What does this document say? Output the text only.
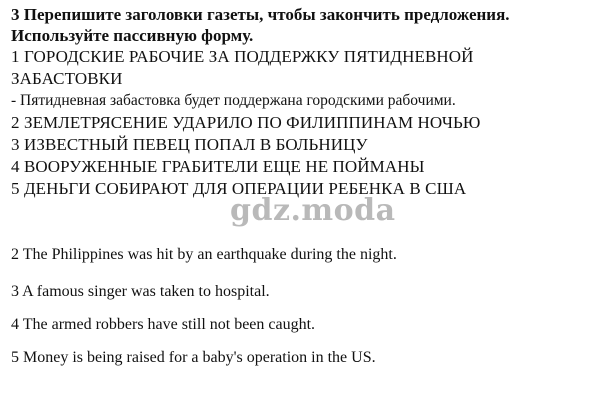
3 Перепишите заголовки газеты, чтобы закончить предложения.
Используйте пассивную форму.
1 ГОРОДСКИЕ РАБОЧИЕ ЗА ПОДДЕРЖКУ ПЯТИДНЕВНОЙ
ЗАБАСТОВКИ
- Пятидневная забастовка будет поддержана городскими рабочими.
2 ЗЕМЛЕТРЯСЕНИЕ УДАРИЛО ПО ФИЛИППИНАМ НОЧЬЮ
3 ИЗВЕСТНЫЙ ПЕВЕЦ ПОПАЛ В БОЛЬНИЦУ
4 ВООРУЖЕННЫЕ ГРАБИТЕЛИ ЕЩЕ НЕ ПОЙМАНЫ
5 ДЕНЬГИ СОБИРАЮТ ДЛЯ ОПЕРАЦИИ РЕБЕНКА В США
gdz.moda
2 The Philippines was hit by an earthquake during the night.
3 A famous singer was taken to hospital.
4 The armed robbers have still not been caught.
5 Money is being raised for a baby's operation in the US.
